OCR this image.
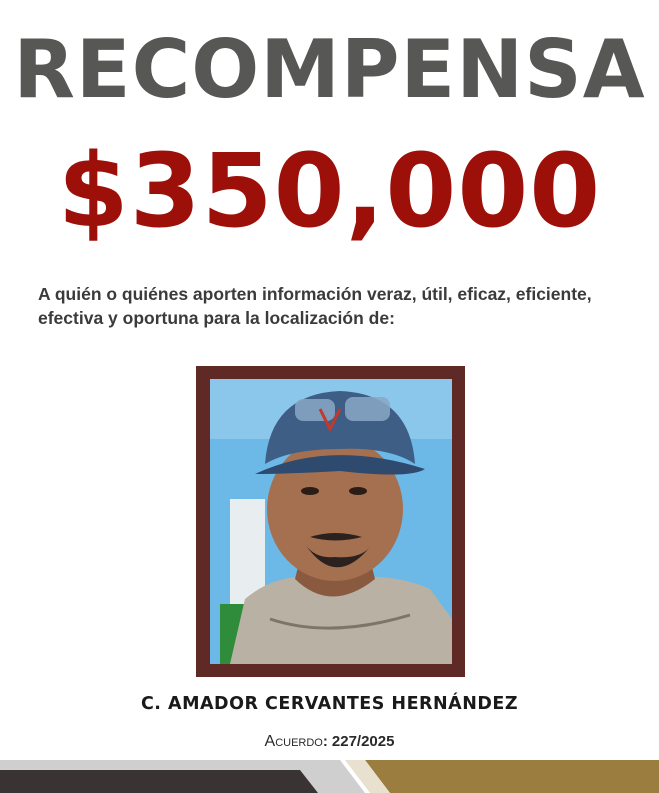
RECOMPENSA
$350,000
A quién o quiénes aporten información veraz, útil, eficaz, eficiente, efectiva y oportuna para la localización de:
C. AMADOR CERVANTES HERNÁNDEZ
Acuerdo: 227/2025
